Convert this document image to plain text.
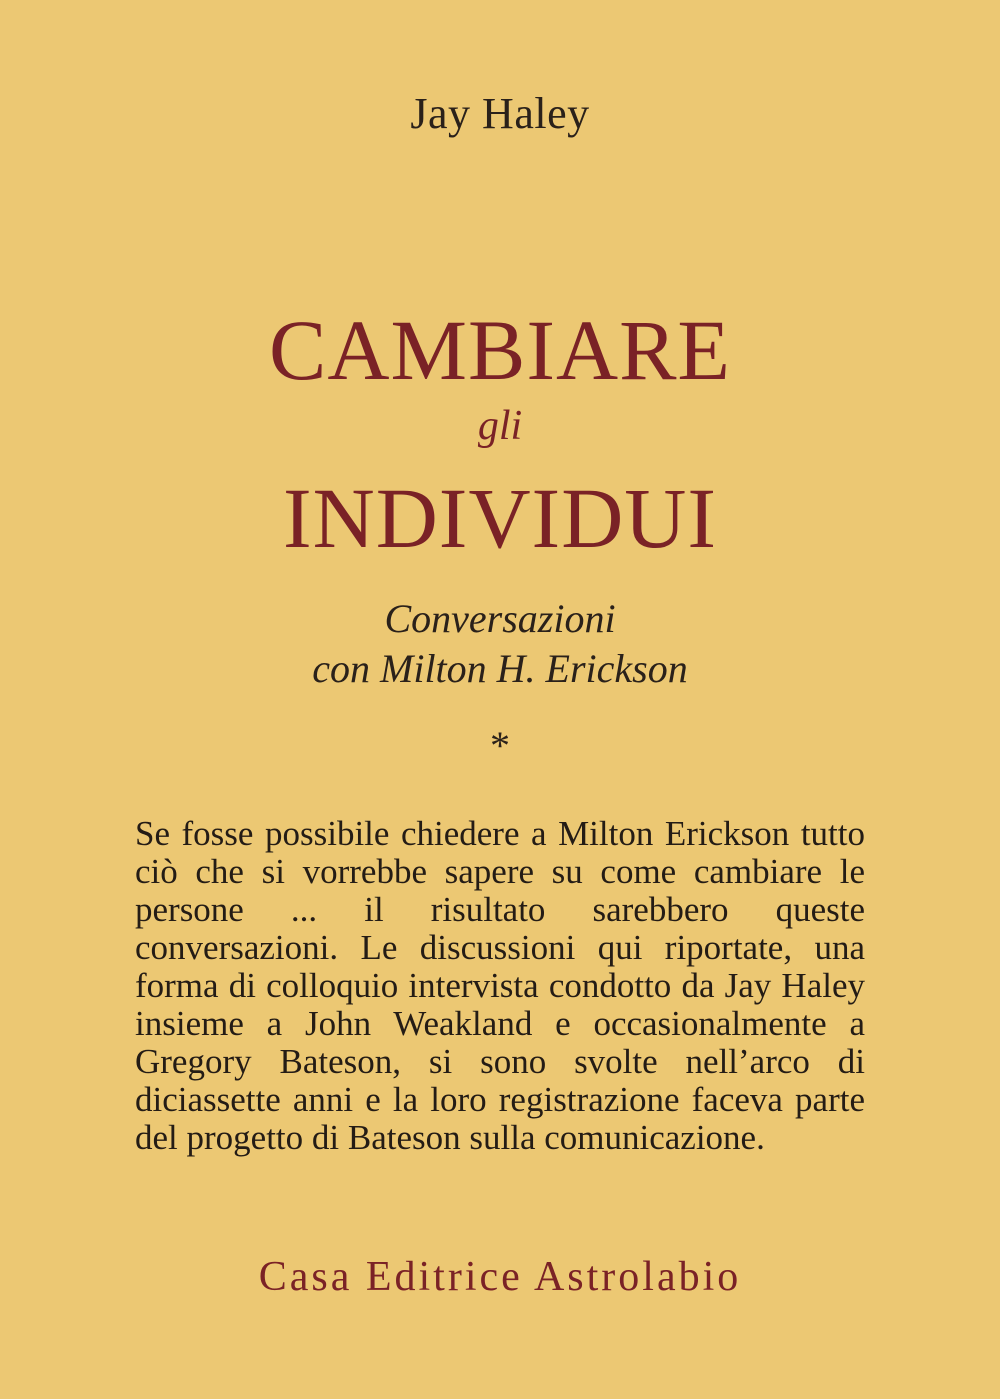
Jay Haley
CAMBIARE
gli
INDIVIDUI
Conversazioni
con Milton H. Erickson
*
Se fosse possibile chiedere a Milton Erickson tutto ciò che si vorrebbe sapere su come cambiare le persone ... il risultato sarebbero queste conversazioni. Le discussioni qui riportate, una forma di colloquio intervista condotto da Jay Haley insieme a John Weakland e occasionalmente a Gregory Bateson, si sono svolte nell’arco di diciassette anni e la loro registrazione faceva parte del progetto di Bateson sulla comunicazione.
Casa Editrice Astrolabio
